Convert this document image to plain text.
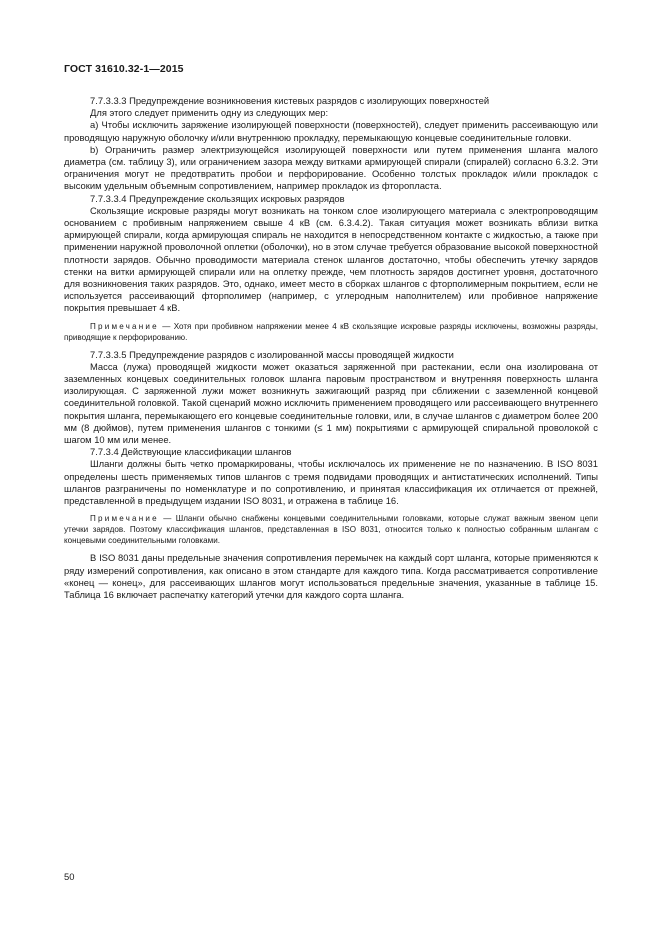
ГОСТ 31610.32-1—2015

7.7.3.3.3 Предупреждение возникновения кистевых разрядов с изолирующих поверхностей

Для этого следует применить одну из следующих мер:

a) Чтобы исключить заряжение изолирующей поверхности (поверхностей), следует применить рассеивающую или проводящую наружную оболочку и/или внутреннюю прокладку, перемыкающую концевые соединительные головки.

b) Ограничить размер электризующейся изолирующей поверхности или путем применения шланга малого диаметра (см. таблицу 3), или ограничением зазора между витками армирующей спирали (спиралей) согласно 6.3.2. Эти ограничения могут не предотвратить пробои и перфорирование. Особенно толстых прокладок и/или прокладок с высоким удельным объемным сопротивлением, например прокладок из фторопласта.

7.7.3.3.4 Предупреждение скользящих искровых разрядов

Скользящие искровые разряды могут возникать на тонком слое изолирующего материала с электропроводящим основанием с пробивным напряжением свыше 4 кВ (см. 6.3.4.2). Такая ситуация может возникать вблизи витка армирующей спирали, когда армирующая спираль не находится в непосредственном контакте с жидкостью, а также при применении наружной проволочной оплетки (оболочки), но в этом случае требуется образование высокой поверхностной плотности зарядов. Обычно проводимости материала стенок шлангов достаточно, чтобы обеспечить утечку зарядов стенки на витки армирующей спирали или на оплетку прежде, чем плотность зарядов достигнет уровня, достаточного для возникновения таких разрядов. Это, однако, имеет место в сборках шлангов с фторполимерным покрытием, если не используется рассеивающий фторполимер (например, с углеродным наполнителем) или пробивное напряжение покрытия превышает 4 кВ.

Примечание — Хотя при пробивном напряжении менее 4 кВ скользящие искровые разряды исключены, возможны разряды, приводящие к перфорированию.

7.7.3.3.5 Предупреждение разрядов с изолированной массы проводящей жидкости

Масса (лужа) проводящей жидкости может оказаться заряженной при растекании, если она изолирована от заземленных концевых соединительных головок шланга паровым пространством и внутренняя поверхность шланга изолирующая. С заряженной лужи может возникнуть зажигающий разряд при сближении с заземленной концевой соединительной головкой. Такой сценарий можно исключить применением проводящего или рассеивающего внутреннего покрытия шланга, перемыкающего его концевые соединительные головки, или, в случае шлангов с диаметром более 200 мм (8 дюймов), путем применения шлангов с тонкими (≤ 1 мм) покрытиями с армирующей спиральной проволокой с шагом 10 мм или менее.

7.7.3.4 Действующие классификации шлангов

Шланги должны быть четко промаркированы, чтобы исключалось их применение не по назначению. В ISO 8031 определены шесть применяемых типов шлангов с тремя подвидами проводящих и антистатических исполнений. Типы шлангов разграничены по номенклатуре и по сопротивлению, и принятая классификация их отличается от прежней, представленной в предыдущем издании ISO 8031, и отражена в таблице 16.

Примечание — Шланги обычно снабжены концевыми соединительными головками, которые служат важным звеном цепи утечки зарядов. Поэтому классификация шлангов, представленная в ISO 8031, относится только к полностью собранным шлангам с концевыми соединительными головками.

В ISO 8031 даны предельные значения сопротивления перемычек на каждый сорт шланга, которые применяются к ряду измерений сопротивления, как описано в этом стандарте для каждого типа. Когда рассматривается сопротивление «конец — конец», для рассеивающих шлангов могут использоваться предельные значения, указанные в таблице 15. Таблица 16 включает распечатку категорий утечки для каждого сорта шланга.

50
